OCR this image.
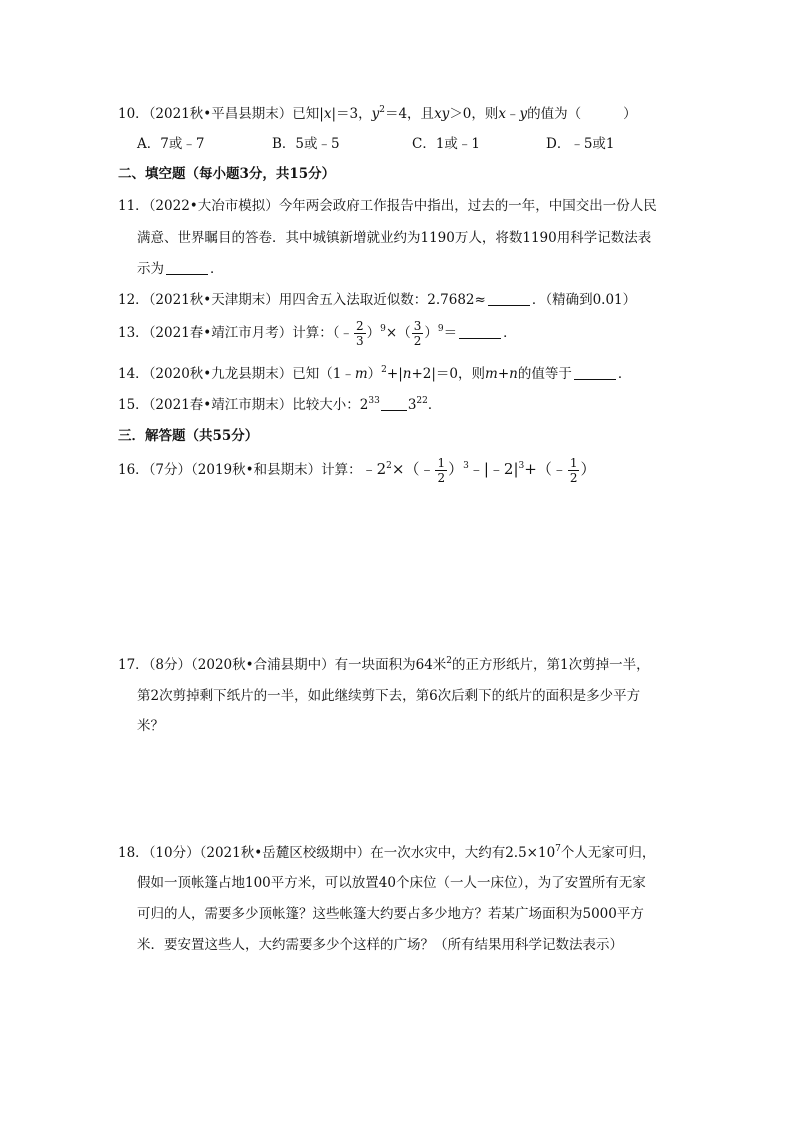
10．（2021秋•平昌县期末）已知|x|＝3，$y^2=4$，且xy＞0，则x﹣y的值为（	）
A．7或﹣7	B．5或﹣5	C．1或﹣1	D．﹣5或1
二、填空题（每小题3分，共15分）
11．（2022•大冶市模拟）今年两会政府工作报告中指出，过去的一年，中国交出一份人民
满意、世界瞩目的答卷．其中城镇新增就业约为1190万人，将数1190用科学记数法表
示为	．
12．（2021秋•天津期末）用四舍五入法取近似数：2.7682≈	．（精确到0.01）
13．（2021春•靖江市月考）计算：（﹣ $\frac{2}{3} )^9\times( \frac{3}{2} )^9=$	．
14．（2020秋•九龙县期末）已知（1﹣m）$^2$+|n+2|＝0，则m+n的值等于	．
15．（2021春•靖江市期末）比较大小：$2^{33}$ $3^{22}$．
三．解答题（共55分）
16．（7分）（2019秋•和县期末）计算：$﹣2^2\times(﹣ \frac{1}{2}$ ）$^3﹣|﹣2|^3+(﹣ \frac{1}{2}$ ）
17．（8分）（2020秋•合浦县期中）有一块面积为64米$^2$的正方形纸片，第1次剪掉一半，
第2次剪掉剩下纸片的一半，如此继续剪下去，第6次后剩下的纸片的面积是多少平方
米？
18．（10分）（2021秋•岳麓区校级期中）在一次水灾中，大约有$2.5\times 10^7$个人无家可归，
假如一顶帐篷占地100平方米，可以放置40个床位（一人一床位），为了安置所有无家
可归的人，需要多少顶帐篷？这些帐篷大约要占多少地方？若某广场面积为5000平方
米．要安置这些人，大约需要多少个这样的广场？（所有结果用科学记数法表示）
